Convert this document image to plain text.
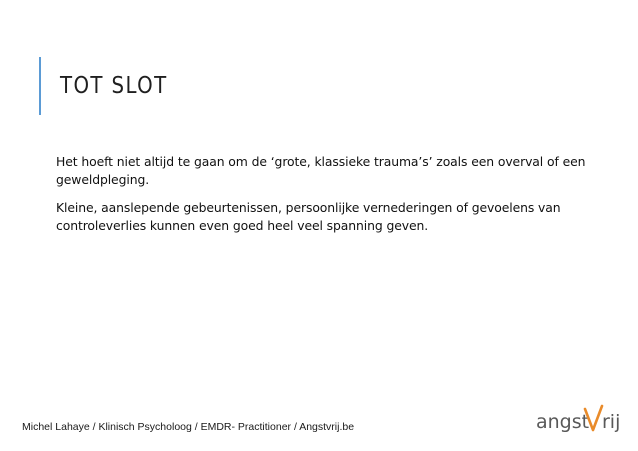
TOT SLOT

Het hoeft niet altijd te gaan om de ‘grote, klassieke trauma’s’ zoals een overval of een geweldpleging.

Kleine, aanslepende gebeurtenissen, persoonlijke vernederingen of gevoelens van controleverlies kunnen even goed heel veel spanning geven.

Michel Lahaye / Klinisch Psycholoog / EMDR- Practitioner / Angstvrij.be	angst rij
